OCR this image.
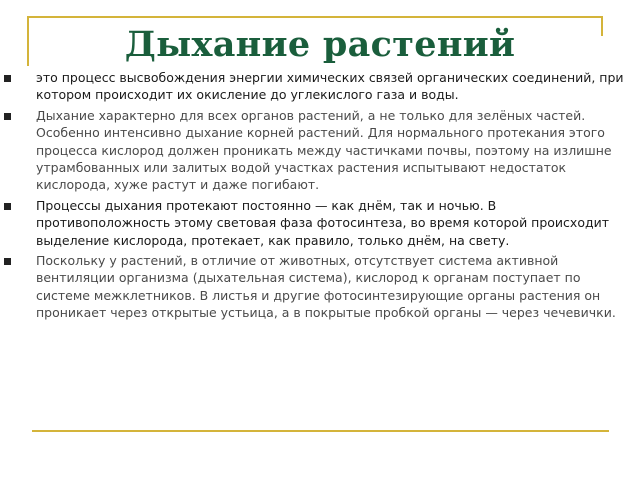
Дыхание растений
это процесс высвобождения энергии химических связей органических соединений, при котором происходит их окисление до углекислого газа и воды.
Дыхание характерно для всех органов растений, а не только для зелёных частей. Особенно интенсивно дыхание корней растений. Для нормального протекания этого процесса кислород должен проникать между частичками почвы, поэтому на излишне утрамбованных или залитых водой участках растения испытывают недостаток кислорода, хуже растут и даже погибают.
Процессы дыхания протекают постоянно — как днём, так и ночью. В противоположность этому световая фаза фотосинтеза, во время которой происходит выделение кислорода, протекает, как правило, только днём, на свету.
Поскольку у растений, в отличие от животных, отсутствует система активной вентиляции организма (дыхательная система), кислород к органам поступает по системе межклетников. В листья и другие фотосинтезирующие органы растения он проникает через открытые устьица, а в покрытые пробкой органы — через чечевички.
